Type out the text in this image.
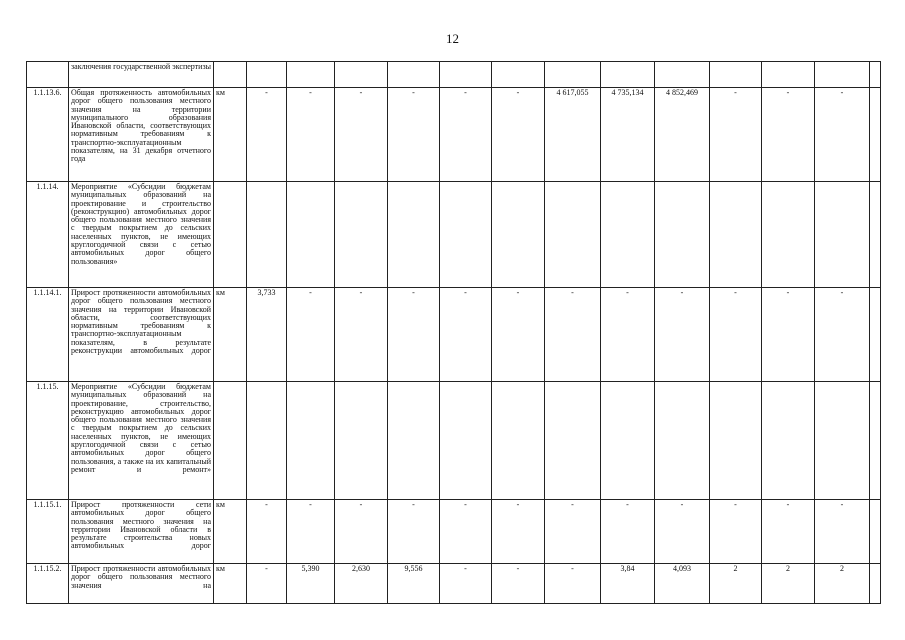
12
	заключения государственной экспертизы														
1.1.13.6.	Общая протяженность автомобильных дорог общего пользования местного значения на территории муниципального образования Ивановской области, соответствующих нормативным требованиям к транспортно-эксплуатационным показателям, на 31 декабря отчетного года	км	-	-	-	-	-	-	4 617,055	4 735,134	4 852,469	-	-	-	
1.1.14.	Мероприятие «Субсидии бюджетам муниципальных образований на проектирование и строительство (реконструкцию) автомобильных дорог общего пользования местного значения с твердым покрытием до сельских населенных пунктов, не имеющих круглогодичной связи с сетью автомобильных дорог общего пользования»														
1.1.14.1.	Прирост протяженности автомобильных дорог общего пользования местного значения на территории Ивановской области, соответствующих нормативным требованиям к транспортно-эксплуатационным показателям, в результате реконструкции автомобильных дорог	км	3,733	-	-	-	-	-	-	-	-	-	-	-	
1.1.15.	Мероприятие «Субсидии бюджетам муниципальных образований на проектирование, строительство, реконструкцию автомобильных дорог общего пользования местного значения с твердым покрытием до сельских населенных пунктов, не имеющих круглогодичной связи с сетью автомобильных дорог общего пользования, а также на их капитальный ремонт и ремонт»														
1.1.15.1.	Прирост протяженности сети автомобильных дорог общего пользования местного значения на территории Ивановской области в результате строительства новых автомобильных дорог	км	-	-	-	-	-	-	-	-	-	-	-	-	
1.1.15.2.	Прирост протяженности автомобильных дорог общего пользования местного значения на	км	-	5,390	2,630	9,556	-	-	-	3,84	4,093	2	2	2	
